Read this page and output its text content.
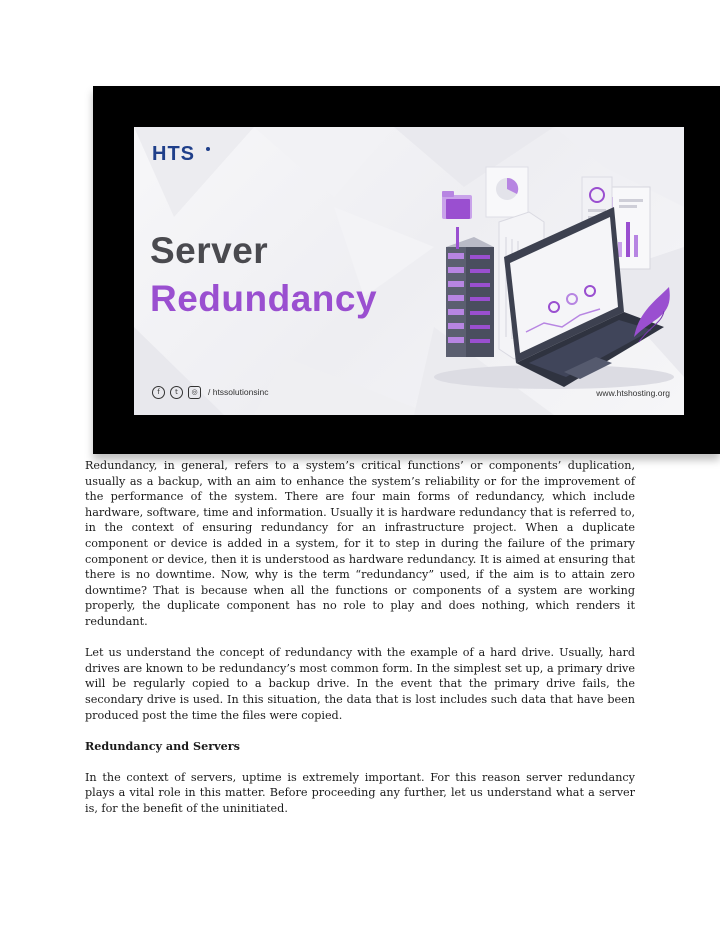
HTS
Server
Redundancy
f	t	◎	/ htssolutionsinc	www.htshosting.org

Redundancy, in general, refers to a system’s critical functions’ or components’ duplication, usually as a backup, with an aim to enhance the system’s reliability or for the improvement of the performance of the system. There are four main forms of redundancy, which include hardware, software, time and information. Usually it is hardware redundancy that is referred to, in the context of ensuring redundancy for an infrastructure project. When a duplicate component or device is added in a system, for it to step in during the failure of the primary component or device, then it is understood as hardware redundancy. It is aimed at ensuring that there is no downtime. Now, why is the term “redundancy” used, if the aim is to attain zero downtime? That is because when all the functions or components of a system are working properly, the duplicate component has no role to play and does nothing, which renders it redundant.

Let us understand the concept of redundancy with the example of a hard drive. Usually, hard drives are known to be redundancy’s most common form. In the simplest set up, a primary drive will be regularly copied to a backup drive. In the event that the primary drive fails, the secondary drive is used. In this situation, the data that is lost includes such data that have been produced post the time the files were copied.

Redundancy and Servers

In the context of servers, uptime is extremely important. For this reason server redundancy plays a vital role in this matter. Before proceeding any further, let us understand what a server is, for the benefit of the uninitiated.
